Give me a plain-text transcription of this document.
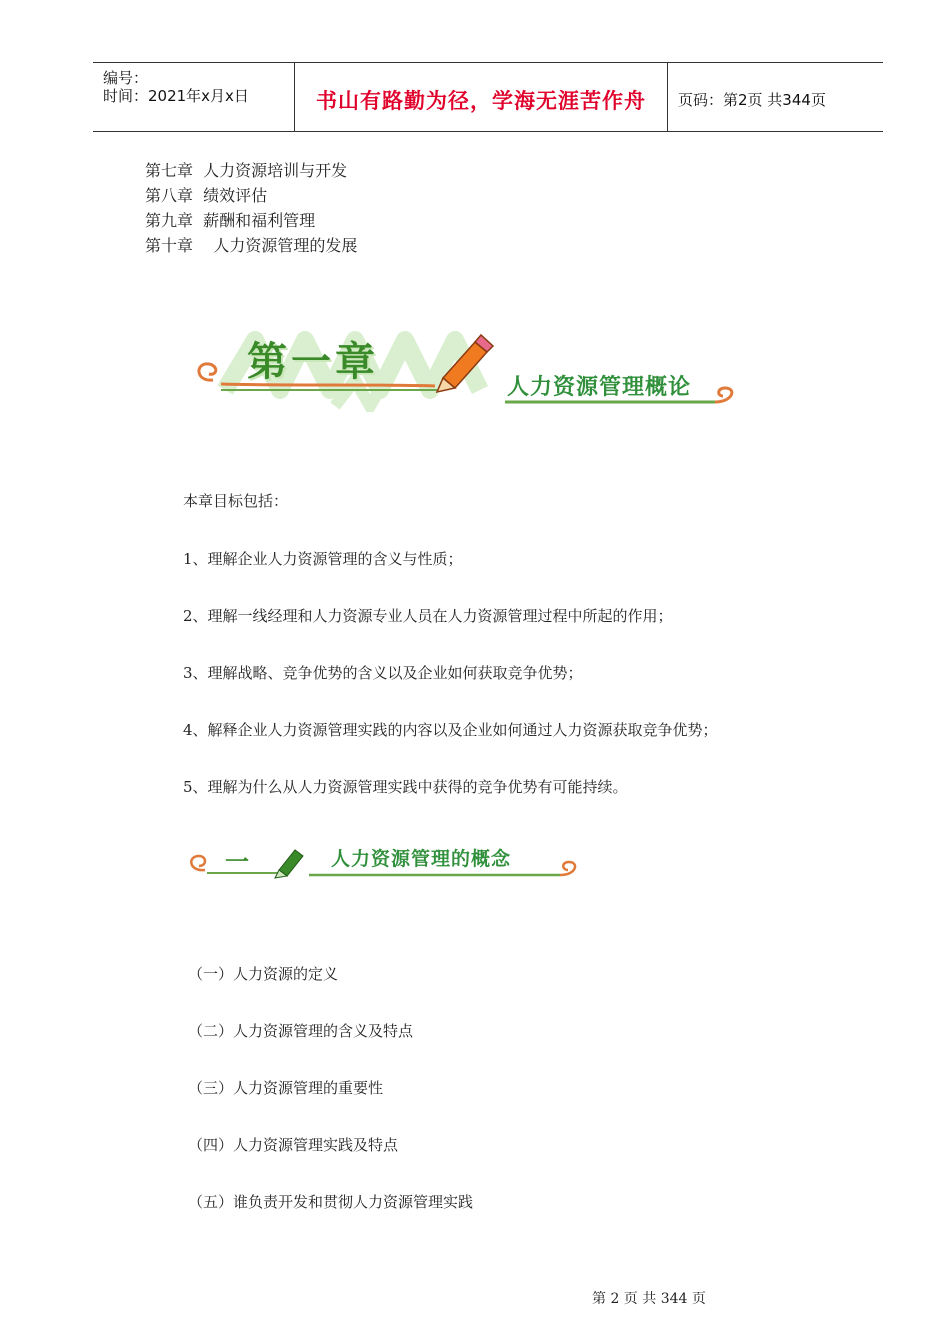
编号：
时间：2021年x月x日	书山有路勤为径，学海无涯苦作舟	页码：第2页 共344页
第七章  人力资源培训与开发
第八章  绩效评估
第九章  薪酬和福利管理
第十章    人力资源管理的发展
第一章
人力资源管理概论
本章目标包括：
1、理解企业人力资源管理的含义与性质；
2、理解一线经理和人力资源专业人员在人力资源管理过程中所起的作用；
3、理解战略、竞争优势的含义以及企业如何获取竞争优势；
4、解释企业人力资源管理实践的内容以及企业如何通过人力资源获取竞争优势；
5、理解为什么从人力资源管理实践中获得的竞争优势有可能持续。
一	人力资源管理的概念
（一）人力资源的定义
（二）人力资源管理的含义及特点
（三）人力资源管理的重要性
（四）人力资源管理实践及特点
（五）谁负责开发和贯彻人力资源管理实践
第 2 页 共 344 页
